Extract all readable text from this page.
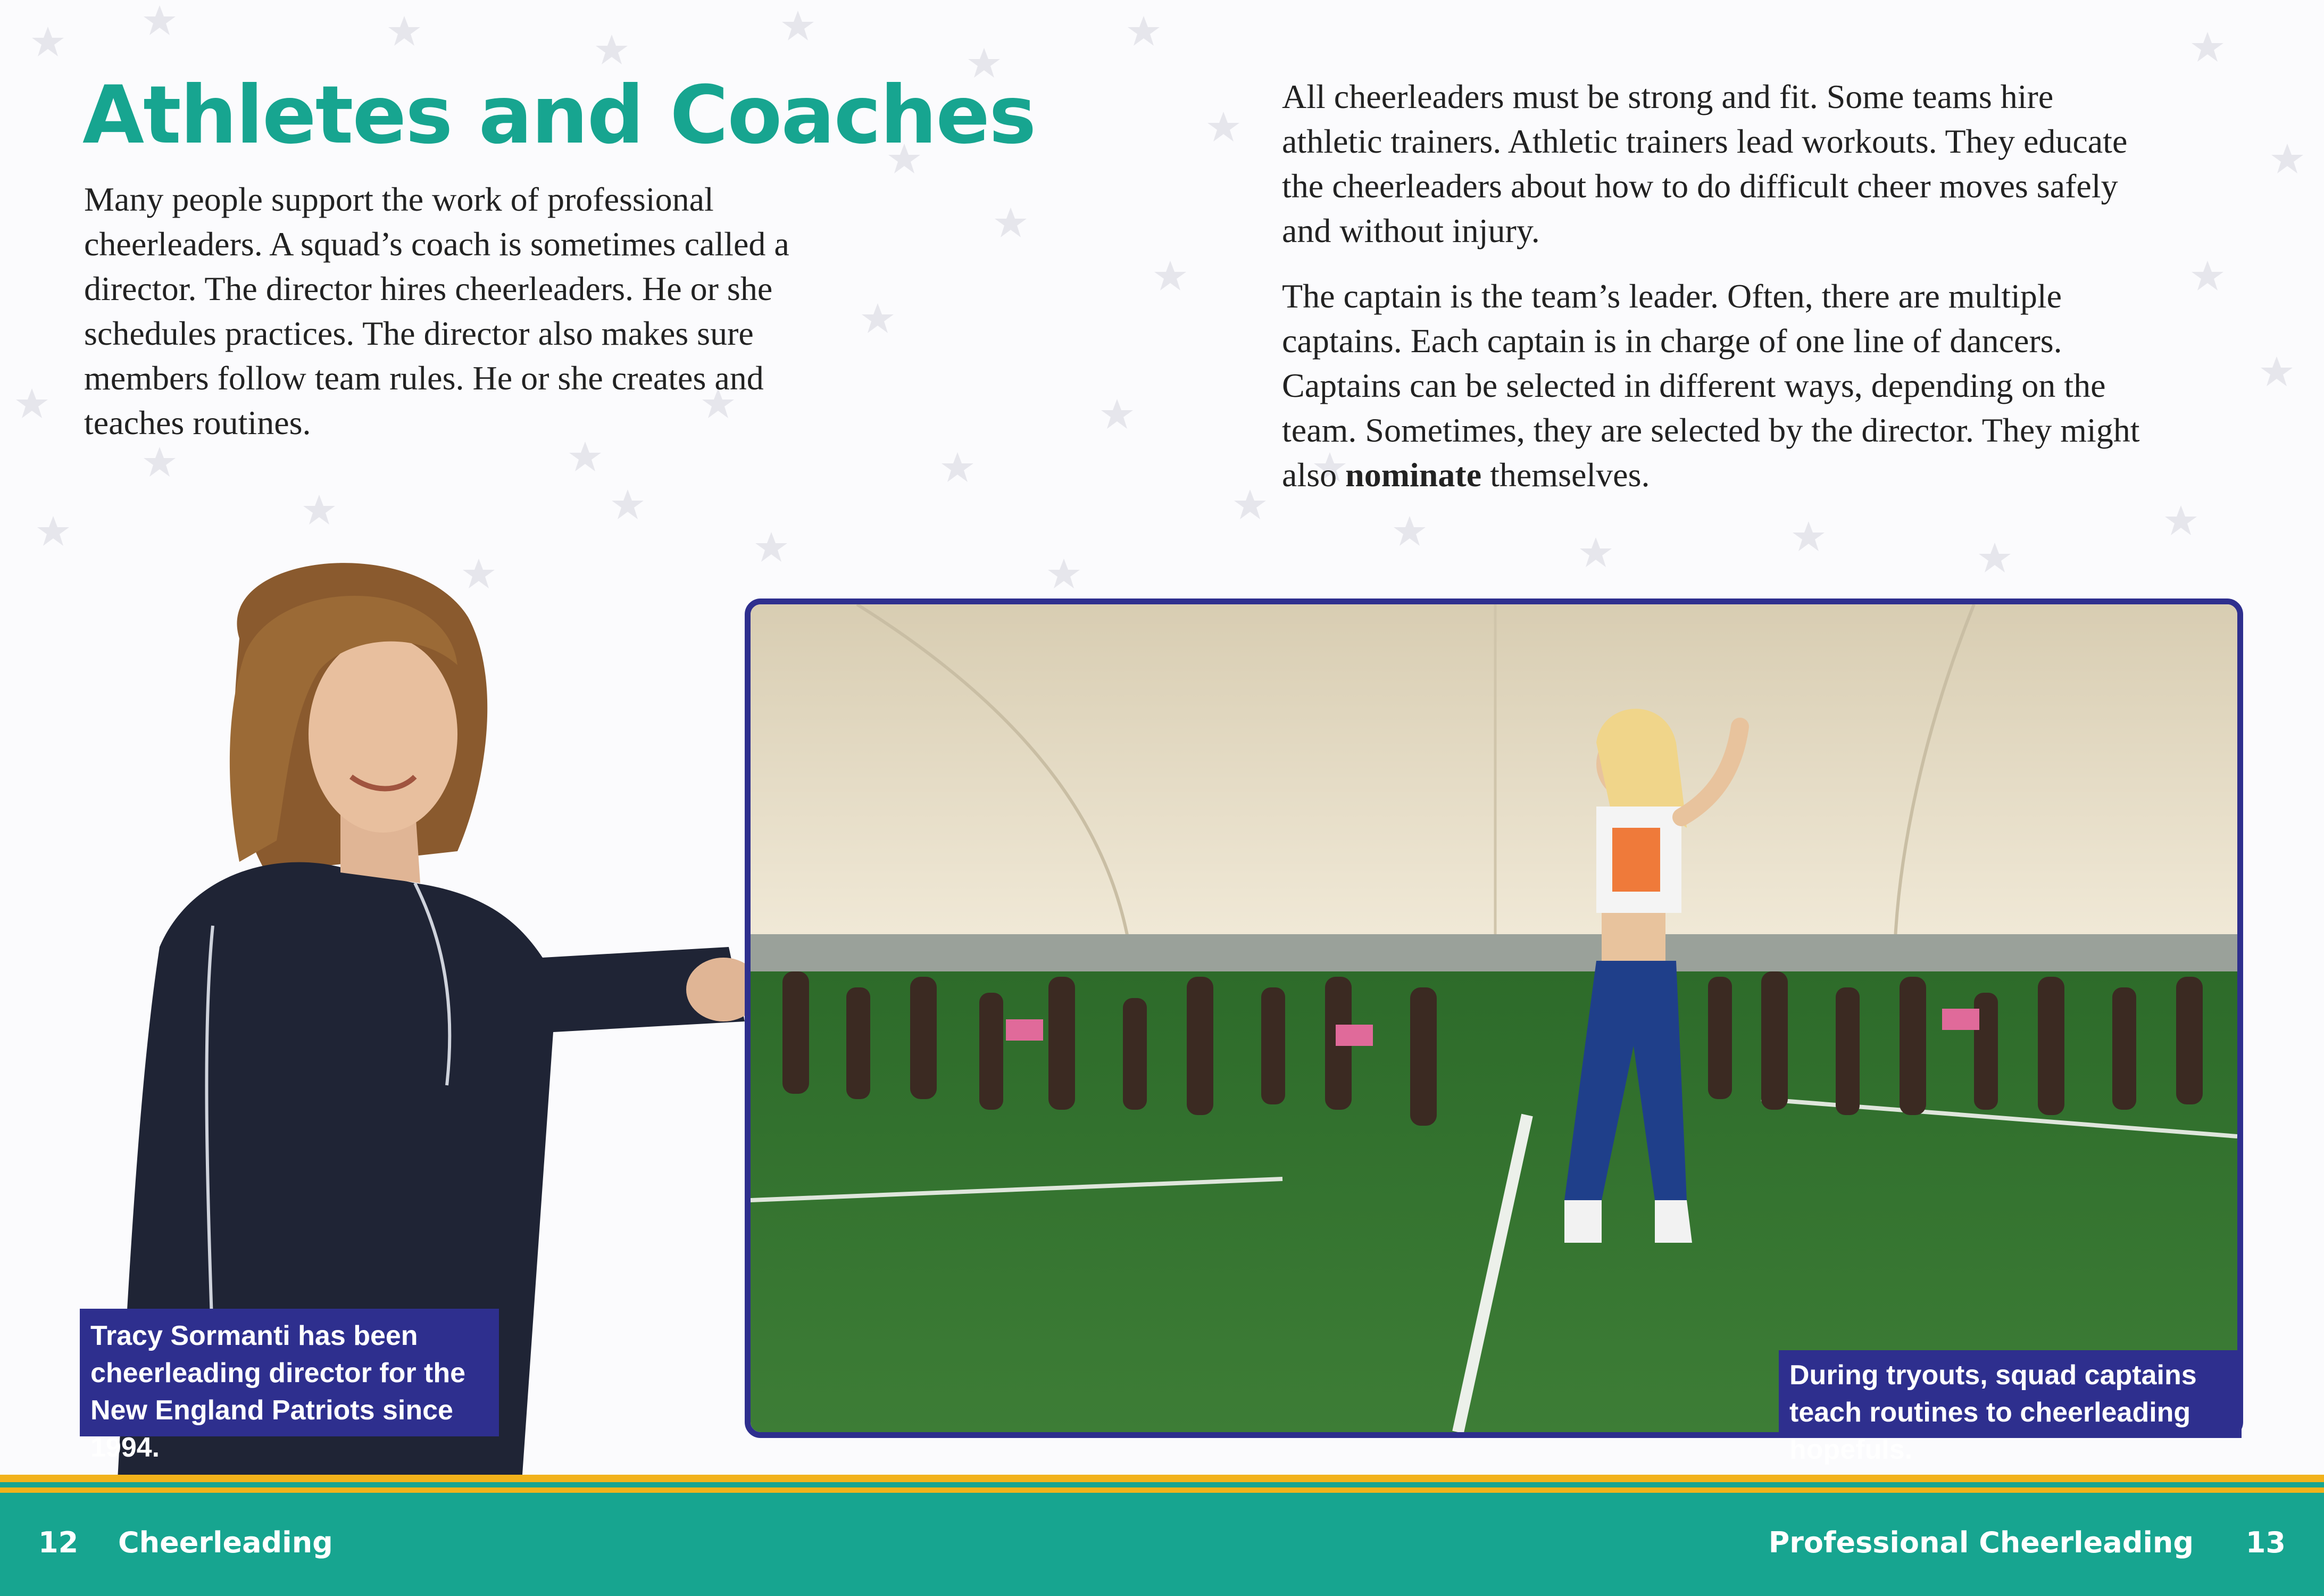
Athletes and Coaches

Many people support the work of professional cheerleaders. A squad’s coach is sometimes called a director. The director hires cheerleaders. He or she schedules practices. The director also makes sure members follow team rules. He or she creates and teaches routines.

All cheerleaders must be strong and fit. Some teams hire athletic trainers. Athletic trainers lead workouts. They educate the cheerleaders about how to do difficult cheer moves safely and without injury.

The captain is the team’s leader. Often, there are multiple captains. Each captain is in charge of one line of dancers. Captains can be selected in different ways, depending on the team. Sometimes, they are selected by the director. They might also nominate themselves.

Tracy Sormanti has been cheerleading director for the New England Patriots since 1994.
During tryouts, squad captains teach routines to cheerleading hopefuls.
12 Cheerleading	Professional Cheerleading 13
